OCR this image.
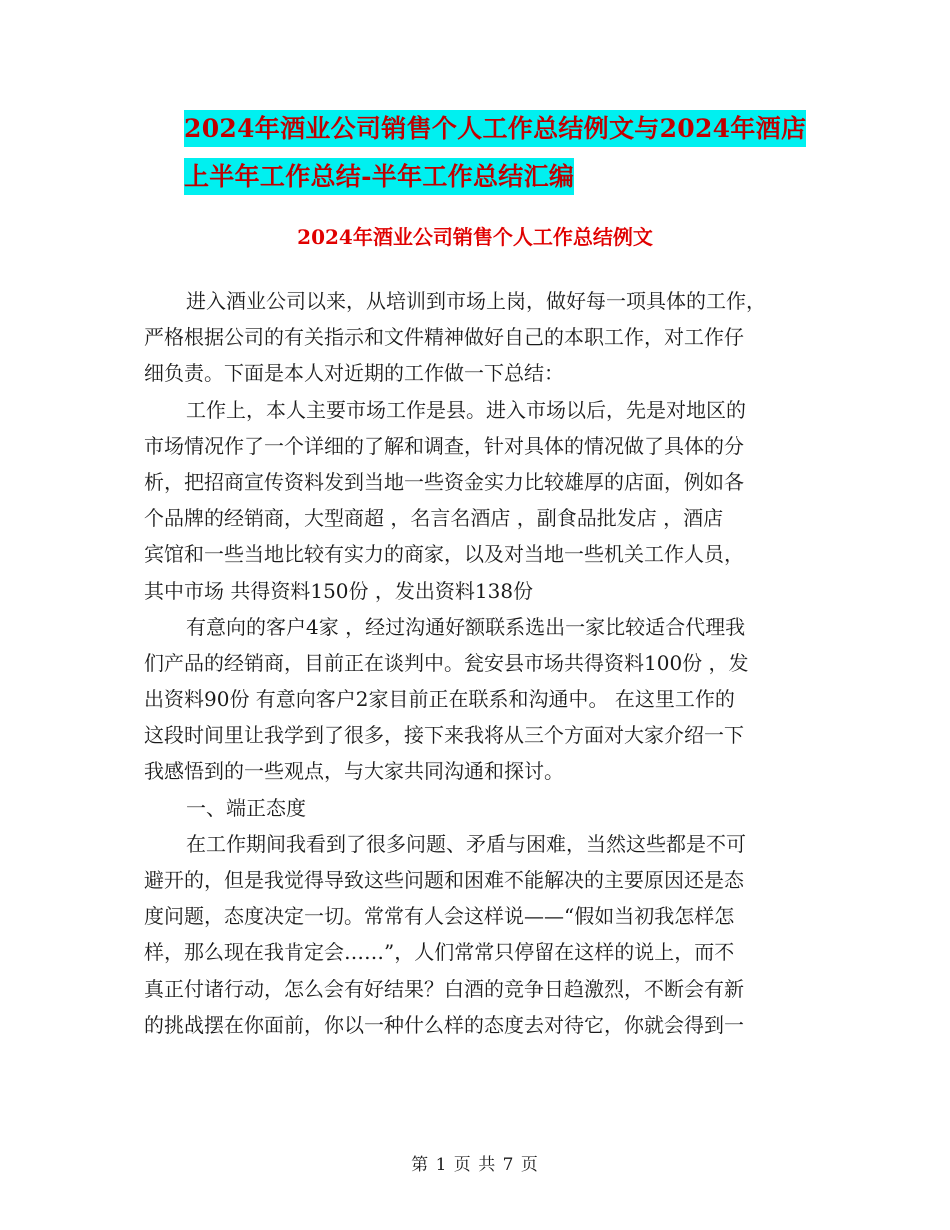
2024年酒业公司销售个人工作总结例文与2024年酒店
上半年工作总结-半年工作总结汇编
2024年酒业公司销售个人工作总结例文
进入酒业公司以来，从培训到市场上岗，做好每一项具体的工作，
严格根据公司的有关指示和文件精神做好自己的本职工作，对工作仔
细负责。下面是本人对近期的工作做一下总结：
工作上，本人主要市场工作是县。进入市场以后，先是对地区的
市场情况作了一个详细的了解和调查，针对具体的情况做了具体的分
析，把招商宣传资料发到当地一些资金实力比较雄厚的店面，例如各
个品牌的经销商，大型商超 ，名言名酒店 ，副食品批发店 ，酒店
宾馆和一些当地比较有实力的商家，以及对当地一些机关工作人员，
其中市场 共得资料150份 ，发出资料138份
有意向的客户4家 ，经过沟通好额联系选出一家比较适合代理我
们产品的经销商，目前正在谈判中。瓮安县市场共得资料100份 ，发
出资料90份 有意向客户2家目前正在联系和沟通中。 在这里工作的
这段时间里让我学到了很多，接下来我将从三个方面对大家介绍一下
我感悟到的一些观点，与大家共同沟通和探讨。
一、端正态度
在工作期间我看到了很多问题、矛盾与困难，当然这些都是不可
避开的，但是我觉得导致这些问题和困难不能解决的主要原因还是态
度问题，态度决定一切。常常有人会这样说——“假如当初我怎样怎
样，那么现在我肯定会……”，人们常常只停留在这样的说上，而不
真正付诸行动，怎么会有好结果？白酒的竞争日趋激烈，不断会有新
的挑战摆在你面前，你以一种什么样的态度去对待它，你就会得到一
第 1 页 共 7 页
